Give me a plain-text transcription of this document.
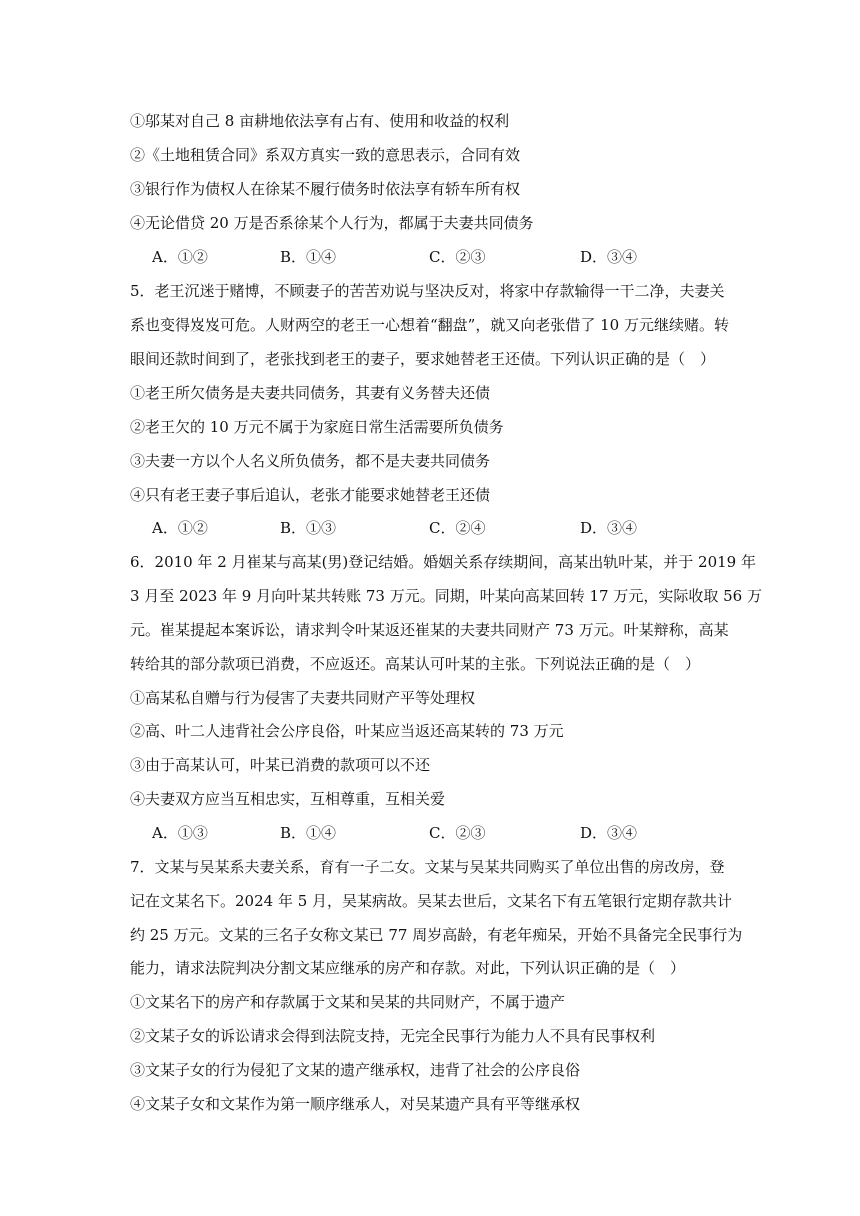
①邬某对自己 8 亩耕地依法享有占有、使用和收益的权利
②《土地租赁合同》系双方真实一致的意思表示，合同有效
③银行作为债权人在徐某不履行债务时依法享有轿车所有权
④无论借贷 20 万是否系徐某个人行为，都属于夫妻共同债务
A．①②	B．①④	C．②③	D．③④
5．老王沉迷于赌博，不顾妻子的苦苦劝说与坚决反对，将家中存款输得一干二净，夫妻关
系也变得岌岌可危。人财两空的老王一心想着“翻盘”，就又向老张借了 10 万元继续赌。转
眼间还款时间到了，老张找到老王的妻子，要求她替老王还债。下列认识正确的是（　）
①老王所欠债务是夫妻共同债务，其妻有义务替夫还债
②老王欠的 10 万元不属于为家庭日常生活需要所负债务
③夫妻一方以个人名义所负债务，都不是夫妻共同债务
④只有老王妻子事后追认，老张才能要求她替老王还债
A．①②	B．①③	C．②④	D．③④
6．2010 年 2 月崔某与高某(男)登记结婚。婚姻关系存续期间，高某出轨叶某，并于 2019 年
3 月至 2023 年 9 月向叶某共转账 73 万元。同期，叶某向高某回转 17 万元，实际收取 56 万
元。崔某提起本案诉讼，请求判令叶某返还崔某的夫妻共同财产 73 万元。叶某辩称，高某
转给其的部分款项已消费，不应返还。高某认可叶某的主张。下列说法正确的是（　）
①高某私自赠与行为侵害了夫妻共同财产平等处理权
②高、叶二人违背社会公序良俗，叶某应当返还高某转的 73 万元
③由于高某认可，叶某已消费的款项可以不还
④夫妻双方应当互相忠实，互相尊重，互相关爱
A．①③	B．①④	C．②③	D．③④
7．文某与吴某系夫妻关系，育有一子二女。文某与吴某共同购买了单位出售的房改房，登
记在文某名下。2024 年 5 月，吴某病故。吴某去世后，文某名下有五笔银行定期存款共计
约 25 万元。文某的三名子女称文某已 77 周岁高龄，有老年痴呆，开始不具备完全民事行为
能力，请求法院判决分割文某应继承的房产和存款。对此，下列认识正确的是（　）
①文某名下的房产和存款属于文某和吴某的共同财产，不属于遗产
②文某子女的诉讼请求会得到法院支持，无完全民事行为能力人不具有民事权利
③文某子女的行为侵犯了文某的遗产继承权，违背了社会的公序良俗
④文某子女和文某作为第一顺序继承人，对吴某遗产具有平等继承权
